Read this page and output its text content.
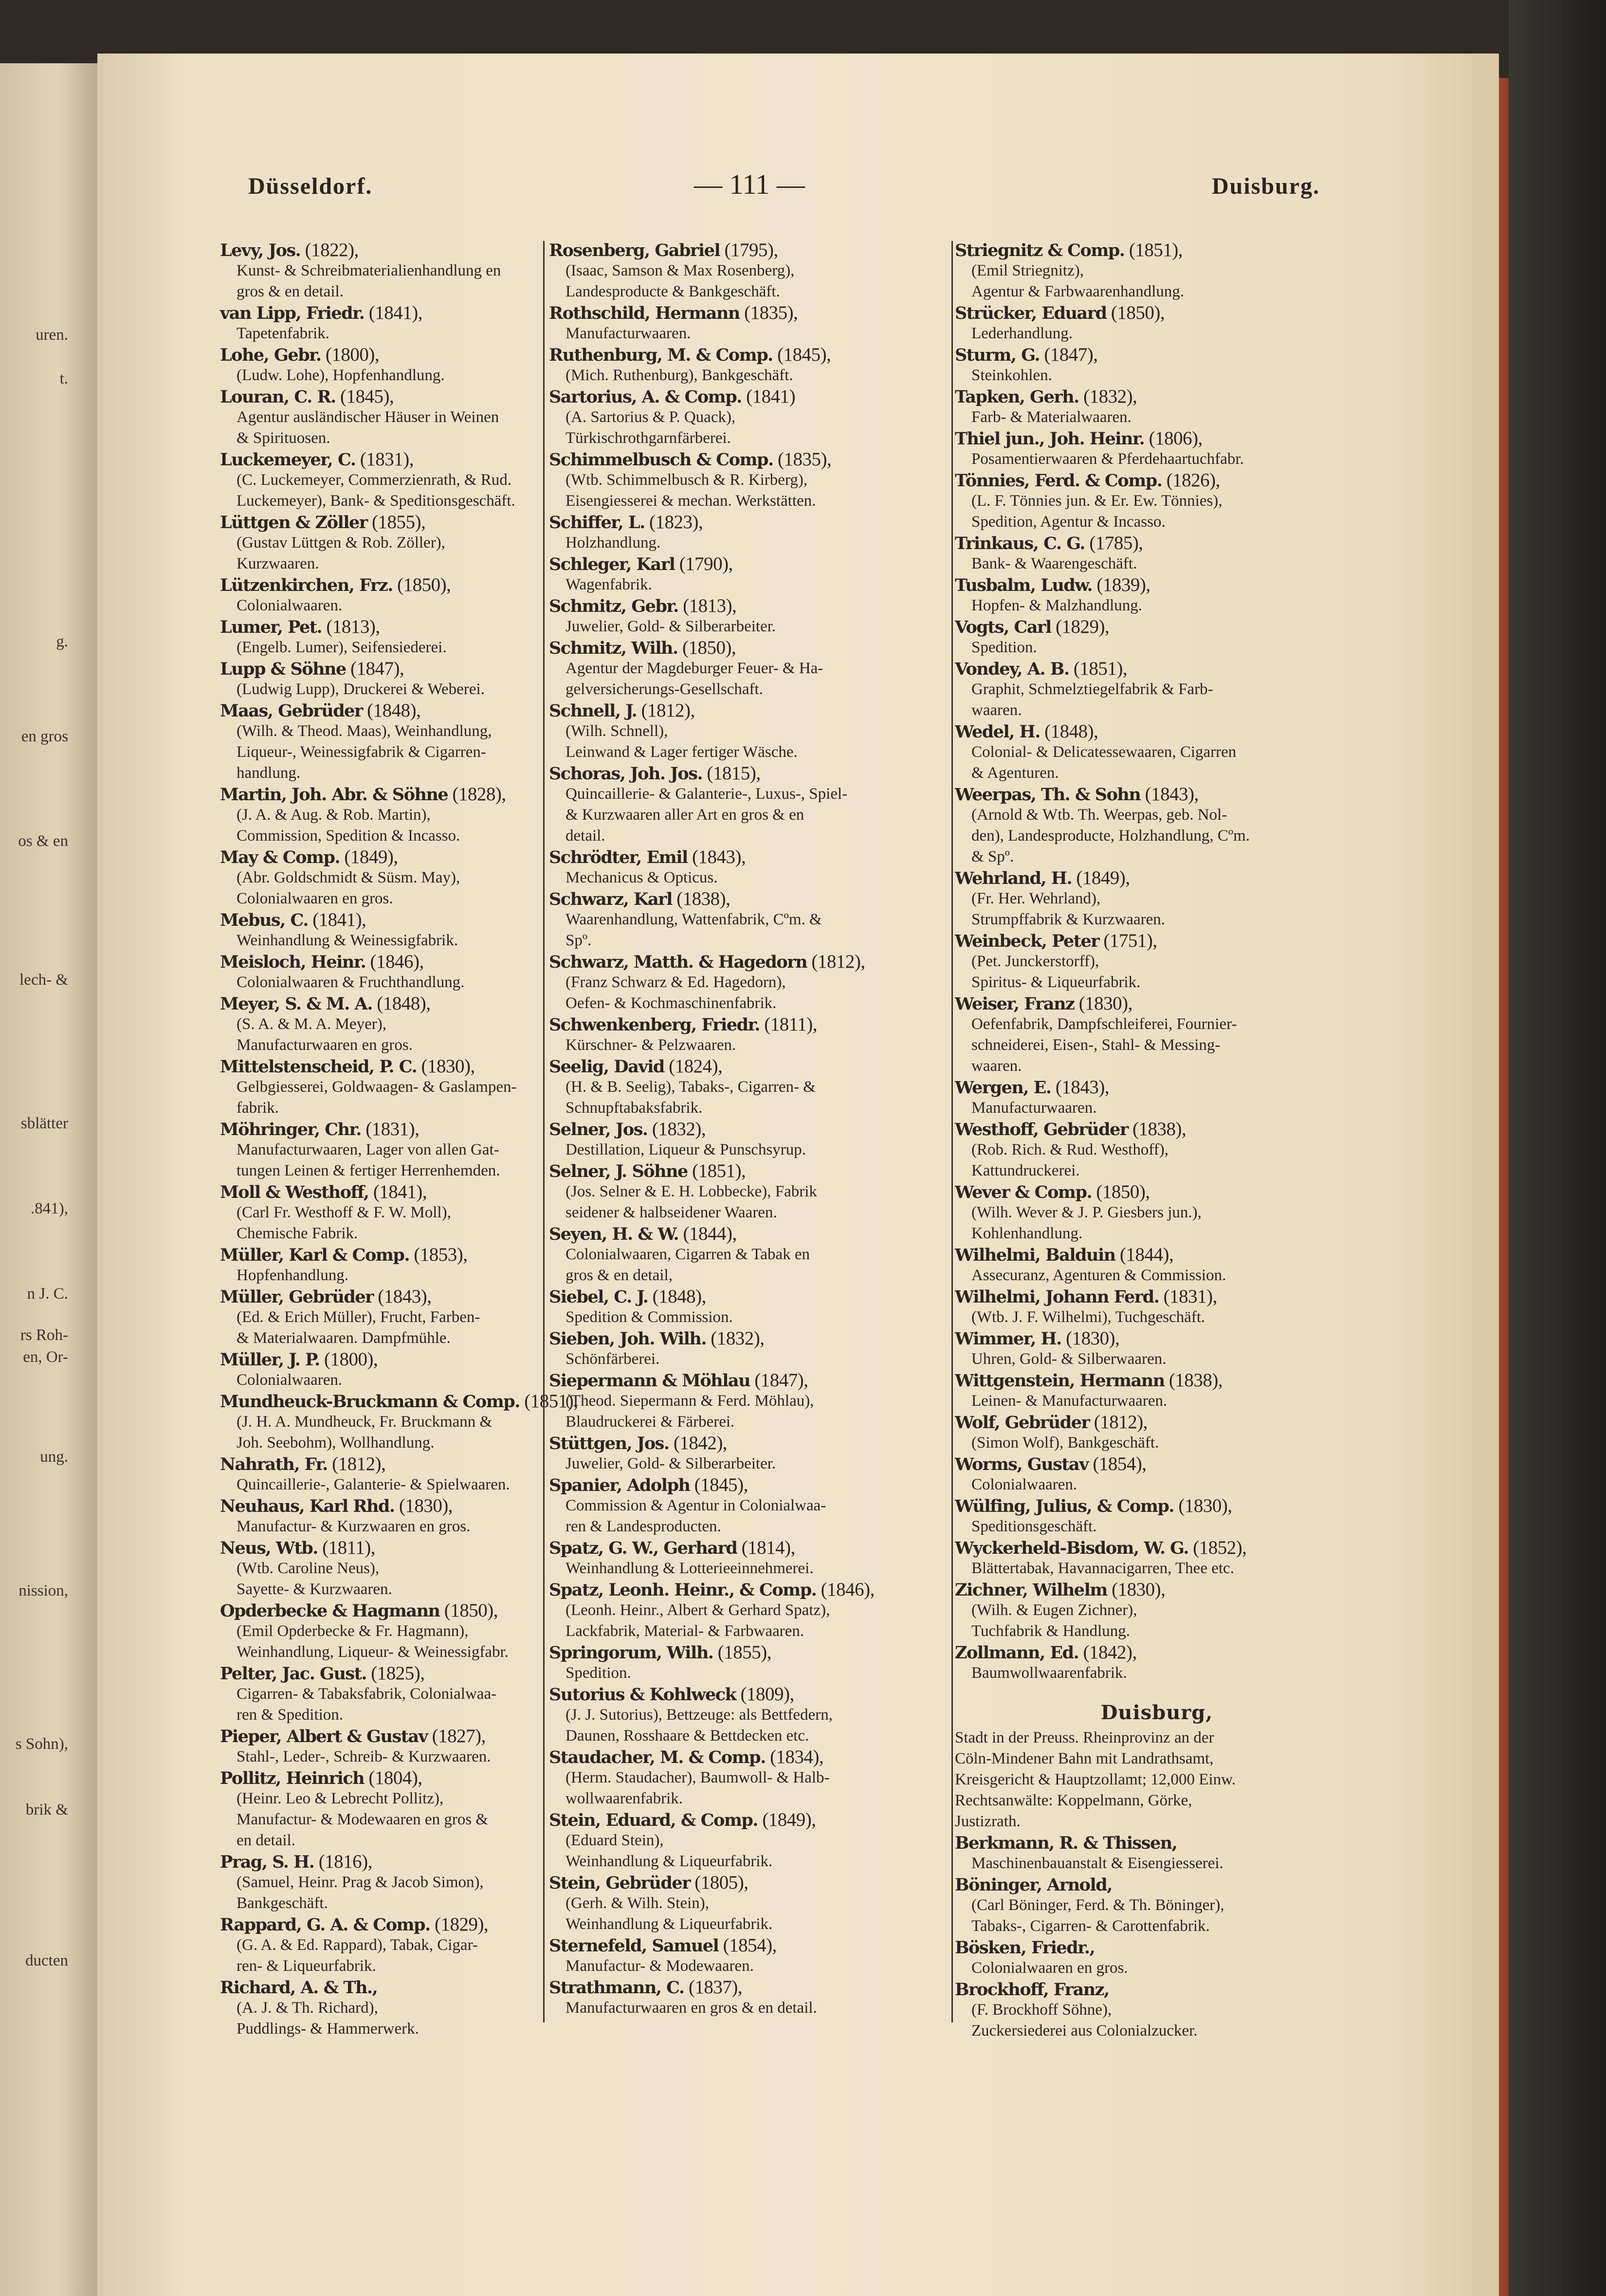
uren.
t.
g.
en gros
os & en
lech- &
sblätter
.841),
n J. C.
rs Roh-
en, Or-
ung.
nission,
s Sohn),
brik &
ducten
Düsseldorf.	— 111 —	Duisburg.
Levy, Jos. (1822),
Kunst- & Schreibmaterialienhandlung en
gros & en detail.
van Lipp, Friedr. (1841),
Tapetenfabrik.
Lohe, Gebr. (1800),
(Ludw. Lohe), Hopfenhandlung.
Louran, C. R. (1845),
Agentur ausländischer Häuser in Weinen
& Spirituosen.
Luckemeyer, C. (1831),
(C. Luckemeyer, Commerzienrath, & Rud.
Luckemeyer), Bank- & Speditionsgeschäft.
Lüttgen & Zöller (1855),
(Gustav Lüttgen & Rob. Zöller),
Kurzwaaren.
Lützenkirchen, Frz. (1850),
Colonialwaaren.
Lumer, Pet. (1813),
(Engelb. Lumer), Seifensiederei.
Lupp & Söhne (1847),
(Ludwig Lupp), Druckerei & Weberei.
Maas, Gebrüder (1848),
(Wilh. & Theod. Maas), Weinhandlung,
Liqueur-, Weinessigfabrik & Cigarren-
handlung.
Martin, Joh. Abr. & Söhne (1828),
(J. A. & Aug. & Rob. Martin),
Commission, Spedition & Incasso.
May & Comp. (1849),
(Abr. Goldschmidt & Süsm. May),
Colonialwaaren en gros.
Mebus, C. (1841),
Weinhandlung & Weinessigfabrik.
Meisloch, Heinr. (1846),
Colonialwaaren & Fruchthandlung.
Meyer, S. & M. A. (1848),
(S. A. & M. A. Meyer),
Manufacturwaaren en gros.
Mittelstenscheid, P. C. (1830),
Gelbgiesserei, Goldwaagen- & Gaslampen-
fabrik.
Möhringer, Chr. (1831),
Manufacturwaaren, Lager von allen Gat-
tungen Leinen & fertiger Herrenhemden.
Moll & Westhoff, (1841),
(Carl Fr. Westhoff & F. W. Moll),
Chemische Fabrik.
Müller, Karl & Comp. (1853),
Hopfenhandlung.
Müller, Gebrüder (1843),
(Ed. & Erich Müller), Frucht, Farben-
& Materialwaaren. Dampfmühle.
Müller, J. P. (1800),
Colonialwaaren.
Mundheuck-Bruckmann & Comp. (1851),
(J. H. A. Mundheuck, Fr. Bruckmann &
Joh. Seebohm), Wollhandlung.
Nahrath, Fr. (1812),
Quincaillerie-, Galanterie- & Spielwaaren.
Neuhaus, Karl Rhd. (1830),
Manufactur- & Kurzwaaren en gros.
Neus, Wtb. (1811),
(Wtb. Caroline Neus),
Sayette- & Kurzwaaren.
Opderbecke & Hagmann (1850),
(Emil Opderbecke & Fr. Hagmann),
Weinhandlung, Liqueur- & Weinessigfabr.
Pelter, Jac. Gust. (1825),
Cigarren- & Tabaksfabrik, Colonialwaa-
ren & Spedition.
Pieper, Albert & Gustav (1827),
Stahl-, Leder-, Schreib- & Kurzwaaren.
Pollitz, Heinrich (1804),
(Heinr. Leo & Lebrecht Pollitz),
Manufactur- & Modewaaren en gros &
en detail.
Prag, S. H. (1816),
(Samuel, Heinr. Prag & Jacob Simon),
Bankgeschäft.
Rappard, G. A. & Comp. (1829),
(G. A. & Ed. Rappard), Tabak, Cigar-
ren- & Liqueurfabrik.
Richard, A. & Th.,
(A. J. & Th. Richard),
Puddlings- & Hammerwerk.
Rosenberg, Gabriel (1795),
(Isaac, Samson & Max Rosenberg),
Landesproducte & Bankgeschäft.
Rothschild, Hermann (1835),
Manufacturwaaren.
Ruthenburg, M. & Comp. (1845),
(Mich. Ruthenburg), Bankgeschäft.
Sartorius, A. & Comp. (1841)
(A. Sartorius & P. Quack),
Türkischrothgarnfärberei.
Schimmelbusch & Comp. (1835),
(Wtb. Schimmelbusch & R. Kirberg),
Eisengiesserei & mechan. Werkstätten.
Schiffer, L. (1823),
Holzhandlung.
Schleger, Karl (1790),
Wagenfabrik.
Schmitz, Gebr. (1813),
Juwelier, Gold- & Silberarbeiter.
Schmitz, Wilh. (1850),
Agentur der Magdeburger Feuer- & Ha-
gelversicherungs-Gesellschaft.
Schnell, J. (1812),
(Wilh. Schnell),
Leinwand & Lager fertiger Wäsche.
Schoras, Joh. Jos. (1815),
Quincaillerie- & Galanterie-, Luxus-, Spiel-
& Kurzwaaren aller Art en gros & en
detail.
Schrödter, Emil (1843),
Mechanicus & Opticus.
Schwarz, Karl (1838),
Waarenhandlung, Wattenfabrik, Cºm. &
Spº.
Schwarz, Matth. & Hagedorn (1812),
(Franz Schwarz & Ed. Hagedorn),
Oefen- & Kochmaschinenfabrik.
Schwenkenberg, Friedr. (1811),
Kürschner- & Pelzwaaren.
Seelig, David (1824),
(H. & B. Seelig), Tabaks-, Cigarren- &
Schnupftabaksfabrik.
Selner, Jos. (1832),
Destillation, Liqueur & Punschsyrup.
Selner, J. Söhne (1851),
(Jos. Selner & E. H. Lobbecke), Fabrik
seidener & halbseidener Waaren.
Seyen, H. & W. (1844),
Colonialwaaren, Cigarren & Tabak en
gros & en detail,
Siebel, C. J. (1848),
Spedition & Commission.
Sieben, Joh. Wilh. (1832),
Schönfärberei.
Siepermann & Möhlau (1847),
(Theod. Siepermann & Ferd. Möhlau),
Blaudruckerei & Färberei.
Stüttgen, Jos. (1842),
Juwelier, Gold- & Silberarbeiter.
Spanier, Adolph (1845),
Commission & Agentur in Colonialwaa-
ren & Landesproducten.
Spatz, G. W., Gerhard (1814),
Weinhandlung & Lotterieeinnehmerei.
Spatz, Leonh. Heinr., & Comp. (1846),
(Leonh. Heinr., Albert & Gerhard Spatz),
Lackfabrik, Material- & Farbwaaren.
Springorum, Wilh. (1855),
Spedition.
Sutorius & Kohlweck (1809),
(J. J. Sutorius), Bettzeuge: als Bettfedern,
Daunen, Rosshaare & Bettdecken etc.
Staudacher, M. & Comp. (1834),
(Herm. Staudacher), Baumwoll- & Halb-
wollwaarenfabrik.
Stein, Eduard, & Comp. (1849),
(Eduard Stein),
Weinhandlung & Liqueurfabrik.
Stein, Gebrüder (1805),
(Gerh. & Wilh. Stein),
Weinhandlung & Liqueurfabrik.
Sternefeld, Samuel (1854),
Manufactur- & Modewaaren.
Strathmann, C. (1837),
Manufacturwaaren en gros & en detail.
Striegnitz & Comp. (1851),
(Emil Striegnitz),
Agentur & Farbwaarenhandlung.
Strücker, Eduard (1850),
Lederhandlung.
Sturm, G. (1847),
Steinkohlen.
Tapken, Gerh. (1832),
Farb- & Materialwaaren.
Thiel jun., Joh. Heinr. (1806),
Posamentierwaaren & Pferdehaartuchfabr.
Tönnies, Ferd. & Comp. (1826),
(L. F. Tönnies jun. & Er. Ew. Tönnies),
Spedition, Agentur & Incasso.
Trinkaus, C. G. (1785),
Bank- & Waarengeschäft.
Tusbalm, Ludw. (1839),
Hopfen- & Malzhandlung.
Vogts, Carl (1829),
Spedition.
Vondey, A. B. (1851),
Graphit, Schmelztiegelfabrik & Farb-
waaren.
Wedel, H. (1848),
Colonial- & Delicatessewaaren, Cigarren
& Agenturen.
Weerpas, Th. & Sohn (1843),
(Arnold & Wtb. Th. Weerpas, geb. Nol-
den), Landesproducte, Holzhandlung, Cºm.
& Spº.
Wehrland, H. (1849),
(Fr. Her. Wehrland),
Strumpffabrik & Kurzwaaren.
Weinbeck, Peter (1751),
(Pet. Junckerstorff),
Spiritus- & Liqueurfabrik.
Weiser, Franz (1830),
Oefenfabrik, Dampfschleiferei, Fournier-
schneiderei, Eisen-, Stahl- & Messing-
waaren.
Wergen, E. (1843),
Manufacturwaaren.
Westhoff, Gebrüder (1838),
(Rob. Rich. & Rud. Westhoff),
Kattundruckerei.
Wever & Comp. (1850),
(Wilh. Wever & J. P. Giesbers jun.),
Kohlenhandlung.
Wilhelmi, Balduin (1844),
Assecuranz, Agenturen & Commission.
Wilhelmi, Johann Ferd. (1831),
(Wtb. J. F. Wilhelmi), Tuchgeschäft.
Wimmer, H. (1830),
Uhren, Gold- & Silberwaaren.
Wittgenstein, Hermann (1838),
Leinen- & Manufacturwaaren.
Wolf, Gebrüder (1812),
(Simon Wolf), Bankgeschäft.
Worms, Gustav (1854),
Colonialwaaren.
Wülfing, Julius, & Comp. (1830),
Speditionsgeschäft.
Wyckerheld-Bisdom, W. G. (1852),
Blättertabak, Havannacigarren, Thee etc.
Zichner, Wilhelm (1830),
(Wilh. & Eugen Zichner),
Tuchfabrik & Handlung.
Zollmann, Ed. (1842),
Baumwollwaarenfabrik.
Duisburg,
Stadt in der Preuss. Rheinprovinz an der
Cöln-Mindener Bahn mit Landrathsamt,
Kreisgericht & Hauptzollamt; 12,000 Einw.
Rechtsanwälte: Koppelmann, Görke,
Justizrath.
Berkmann, R. & Thissen,
Maschinenbauanstalt & Eisengiesserei.
Böninger, Arnold,
(Carl Böninger, Ferd. & Th. Böninger),
Tabaks-, Cigarren- & Carottenfabrik.
Bösken, Friedr.,
Colonialwaaren en gros.
Brockhoff, Franz,
(F. Brockhoff Söhne),
Zuckersiederei aus Colonialzucker.
